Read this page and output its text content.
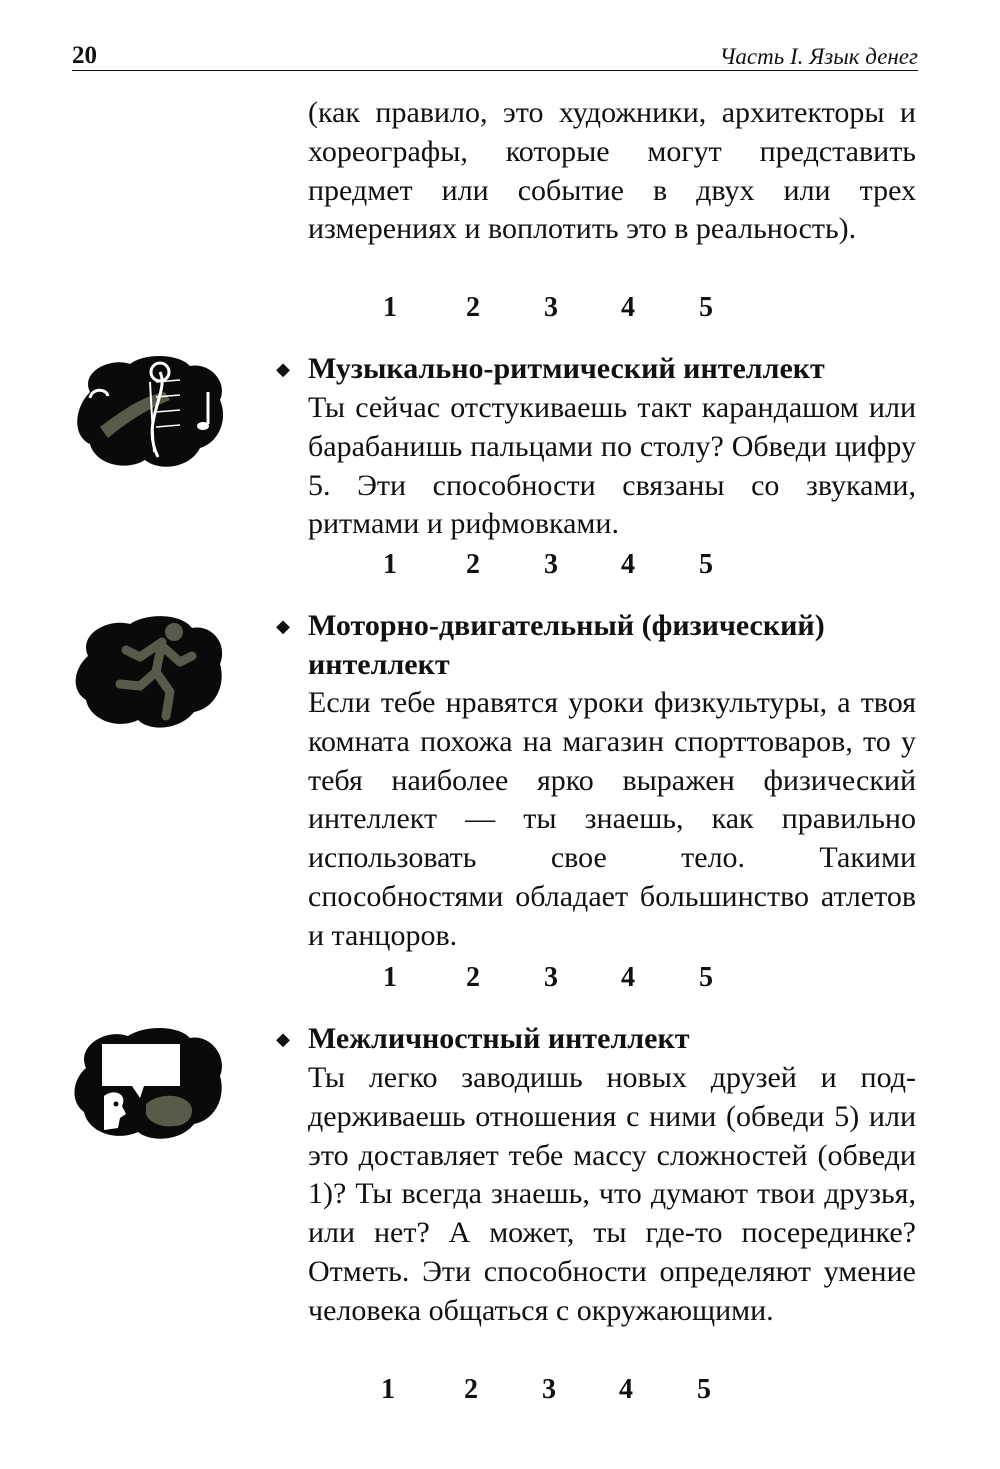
20	Часть I. Язык денег

(как правило, это художники, архитекторы и хореографы, которые могут представить предмет или событие в двух или трех измерениях и воплотить это в реальность).

1	2	3	4	5
◆ Музыкально-ритмический интеллект

Ты сейчас отстукиваешь такт карандашом или барабанишь пальцами по столу? Обведи цифру 5. Эти способности связаны со звуками, ритмами и рифмовками.

1	2	3	4	5
◆ Моторно-двигательный (физический) интеллект

Если тебе нравятся уроки физкультуры, а твоя комната похожа на магазин спорттоваров, то у тебя наиболее ярко выражен физический интеллект — ты знаешь, как правильно использовать свое тело. Такими способностями обладает большинство атлетов и танцоров.

1	2	3	4	5
◆ Межличностный интеллект

Ты легко заводишь новых друзей и поддерживаешь отношения с ними (обведи 5) или это доставляет тебе массу сложностей (обведи 1)? Ты всегда знаешь, что думают твои друзья, или нет? А может, ты где-то посерединке? Отметь. Эти способности определяют умение человека общаться с окружающими.

1	2	3	4	5
